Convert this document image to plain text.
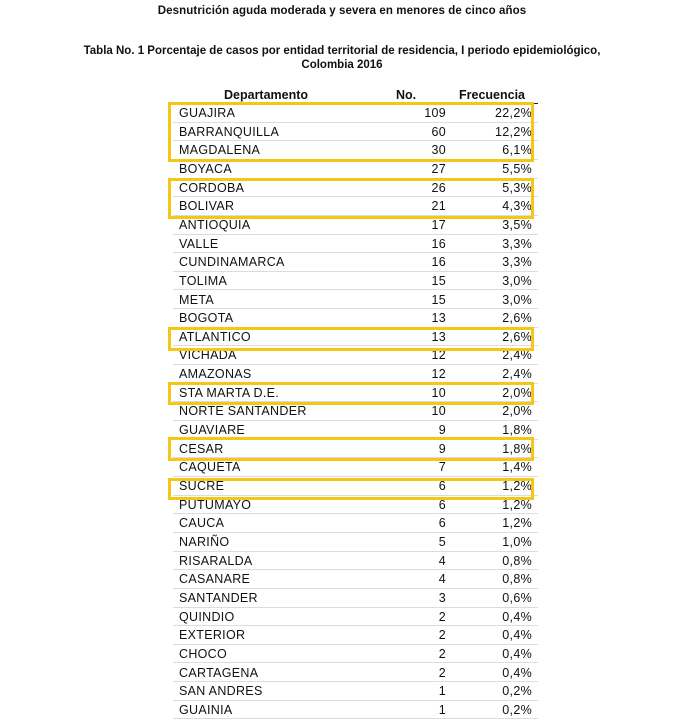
Desnutrición aguda moderada y severa en menores de cinco años
Tabla No. 1 Porcentaje de casos por entidad territorial de residencia, I periodo epidemiológico,
Colombia 2016
Departamento	No.	Frecuencia
GUAJIRA	109	22,2%
BARRANQUILLA	60	12,2%
MAGDALENA	30	6,1%
BOYACA	27	5,5%
CORDOBA	26	5,3%
BOLIVAR	21	4,3%
ANTIOQUIA	17	3,5%
VALLE	16	3,3%
CUNDINAMARCA	16	3,3%
TOLIMA	15	3,0%
META	15	3,0%
BOGOTA	13	2,6%
ATLANTICO	13	2,6%
VICHADA	12	2,4%
AMAZONAS	12	2,4%
STA MARTA D.E.	10	2,0%
NORTE SANTANDER	10	2,0%
GUAVIARE	9	1,8%
CESAR	9	1,8%
CAQUETA	7	1,4%
SUCRE	6	1,2%
PUTUMAYO	6	1,2%
CAUCA	6	1,2%
NARIÑO	5	1,0%
RISARALDA	4	0,8%
CASANARE	4	0,8%
SANTANDER	3	0,6%
QUINDIO	2	0,4%
EXTERIOR	2	0,4%
CHOCO	2	0,4%
CARTAGENA	2	0,4%
SAN ANDRES	1	0,2%
GUAINIA	1	0,2%
